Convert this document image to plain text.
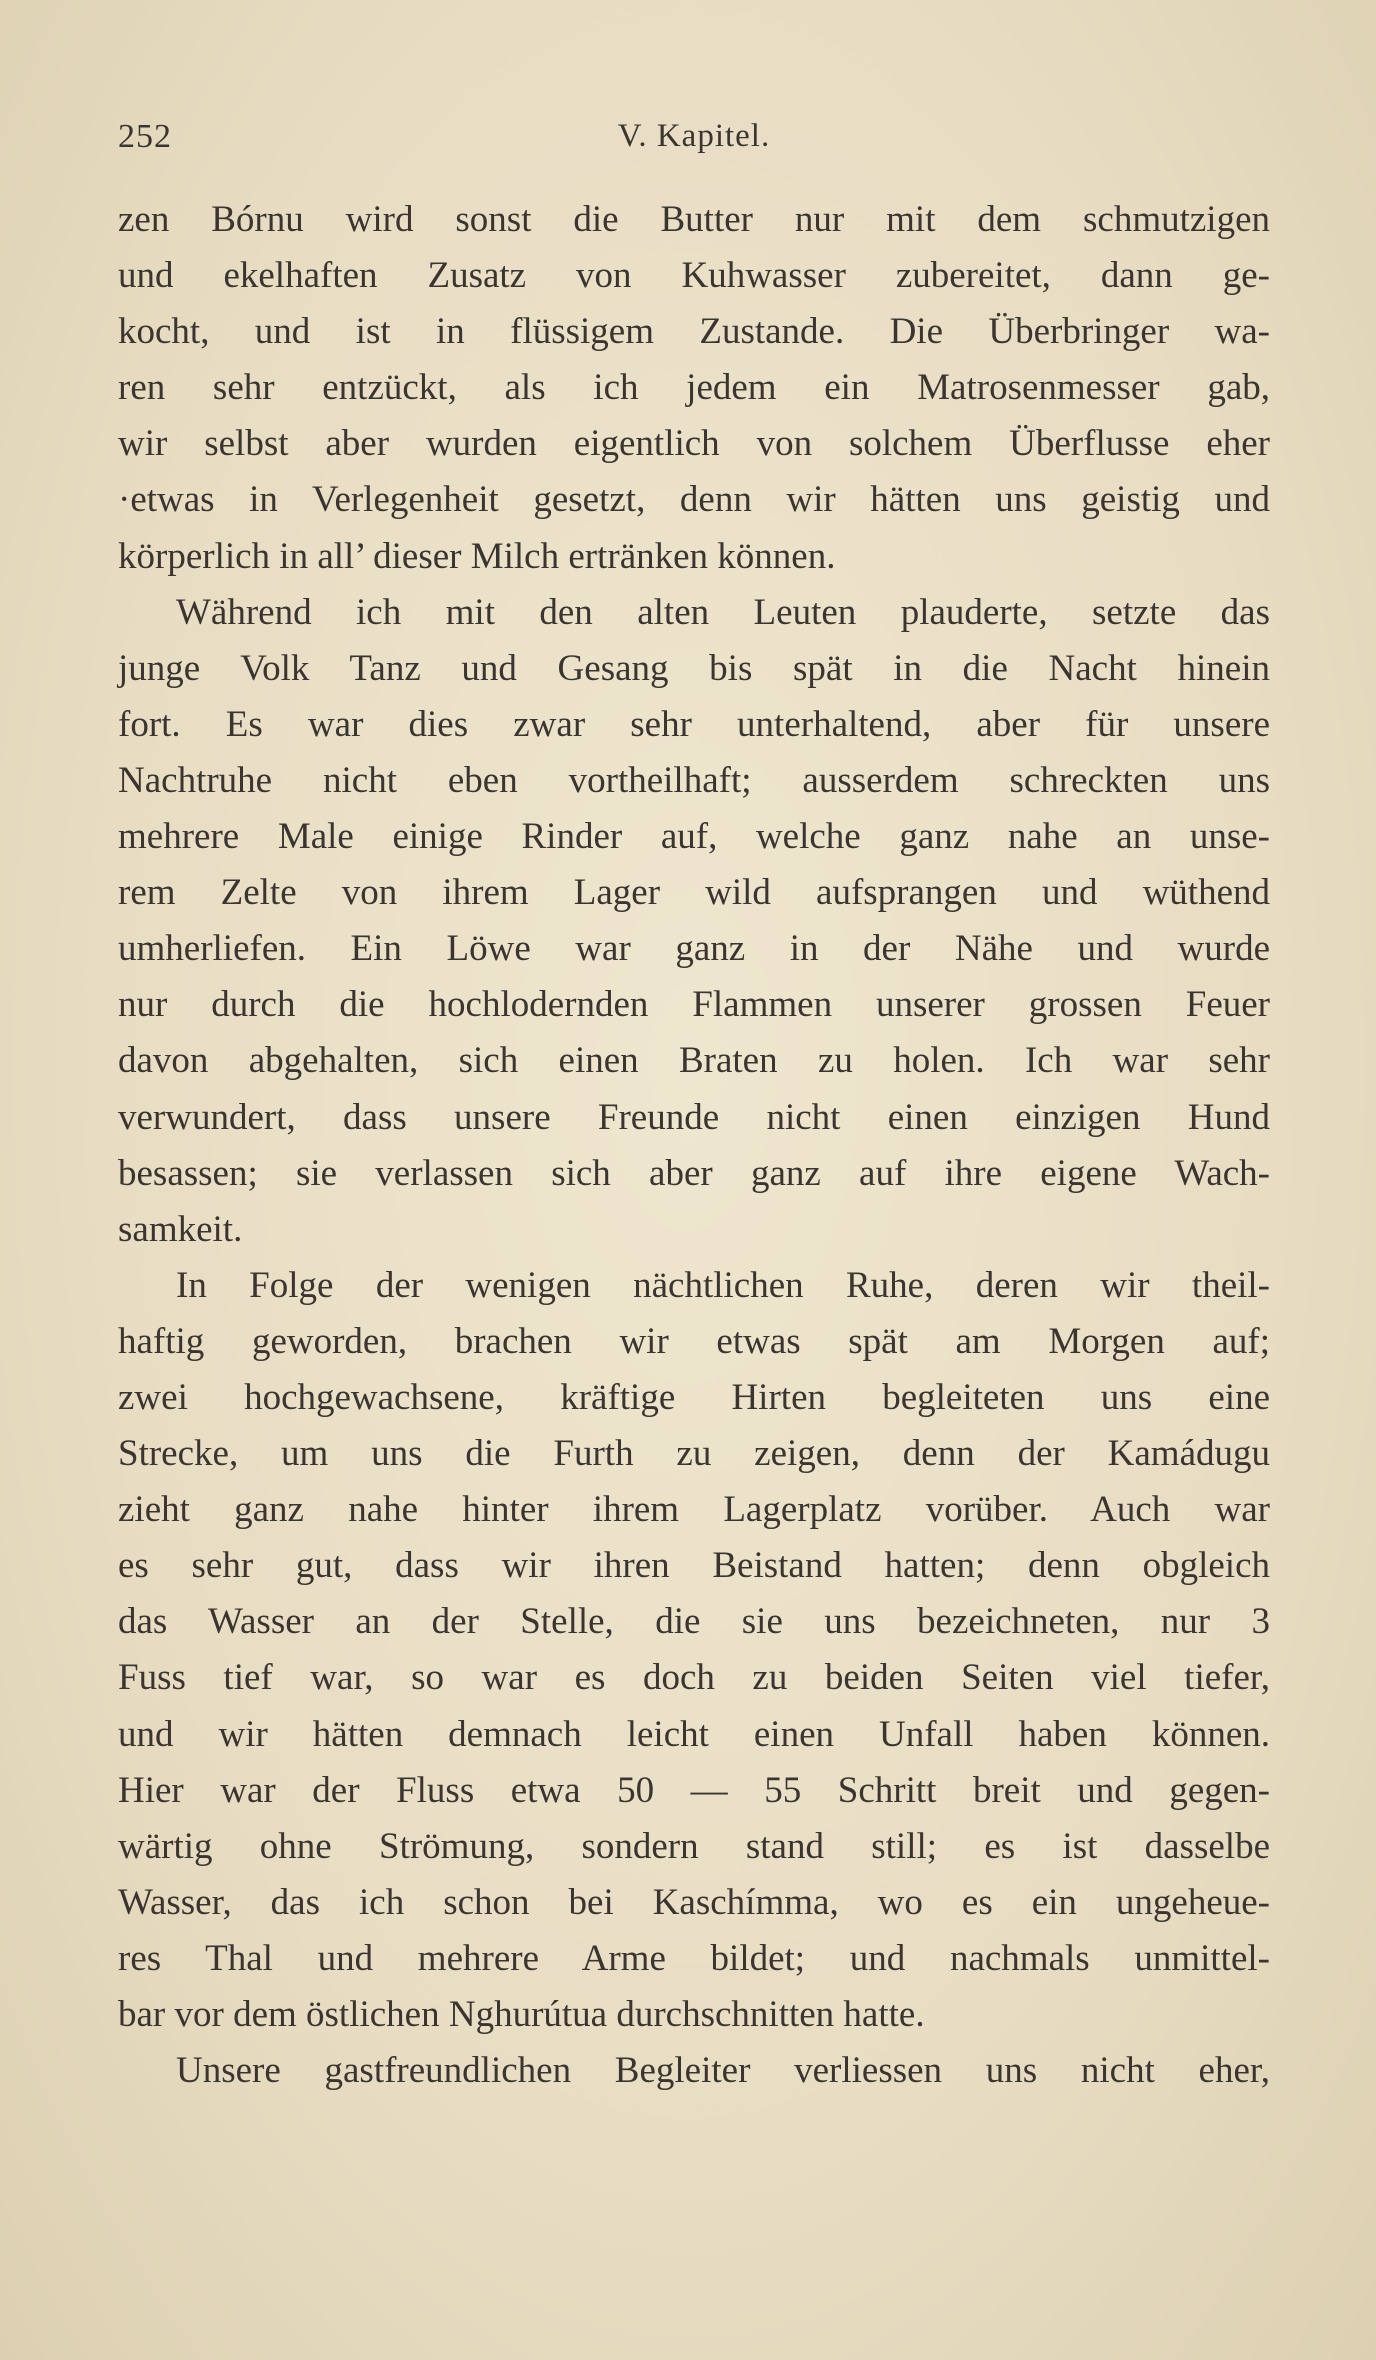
252	V. Kapitel.
zen Bórnu wird sonst die Butter nur mit dem schmutzigen
und ekelhaften Zusatz von Kuhwasser zubereitet, dann ge-
kocht, und ist in flüssigem Zustande. Die Überbringer wa-
ren sehr entzückt, als ich jedem ein Matrosenmesser gab,
wir selbst aber wurden eigentlich von solchem Überflusse eher
·etwas in Verlegenheit gesetzt, denn wir hätten uns geistig und
körperlich in all’ dieser Milch ertränken können.
Während ich mit den alten Leuten plauderte, setzte das
junge Volk Tanz und Gesang bis spät in die Nacht hinein
fort. Es war dies zwar sehr unterhaltend, aber für unsere
Nachtruhe nicht eben vortheilhaft; ausserdem schreckten uns
mehrere Male einige Rinder auf, welche ganz nahe an unse-
rem Zelte von ihrem Lager wild aufsprangen und wüthend
umherliefen. Ein Löwe war ganz in der Nähe und wurde
nur durch die hochlodernden Flammen unserer grossen Feuer
davon abgehalten, sich einen Braten zu holen. Ich war sehr
verwundert, dass unsere Freunde nicht einen einzigen Hund
besassen; sie verlassen sich aber ganz auf ihre eigene Wach-
samkeit.
In Folge der wenigen nächtlichen Ruhe, deren wir theil-
haftig geworden, brachen wir etwas spät am Morgen auf;
zwei hochgewachsene, kräftige Hirten begleiteten uns eine
Strecke, um uns die Furth zu zeigen, denn der Kamádugu
zieht ganz nahe hinter ihrem Lagerplatz vorüber. Auch war
es sehr gut, dass wir ihren Beistand hatten; denn obgleich
das Wasser an der Stelle, die sie uns bezeichneten, nur 3
Fuss tief war, so war es doch zu beiden Seiten viel tiefer,
und wir hätten demnach leicht einen Unfall haben können.
Hier war der Fluss etwa 50 — 55 Schritt breit und gegen-
wärtig ohne Strömung, sondern stand still; es ist dasselbe
Wasser, das ich schon bei Kaschímma, wo es ein ungeheue-
res Thal und mehrere Arme bildet; und nachmals unmittel-
bar vor dem östlichen Nghurútua durchschnitten hatte.
Unsere gastfreundlichen Begleiter verliessen uns nicht eher,
